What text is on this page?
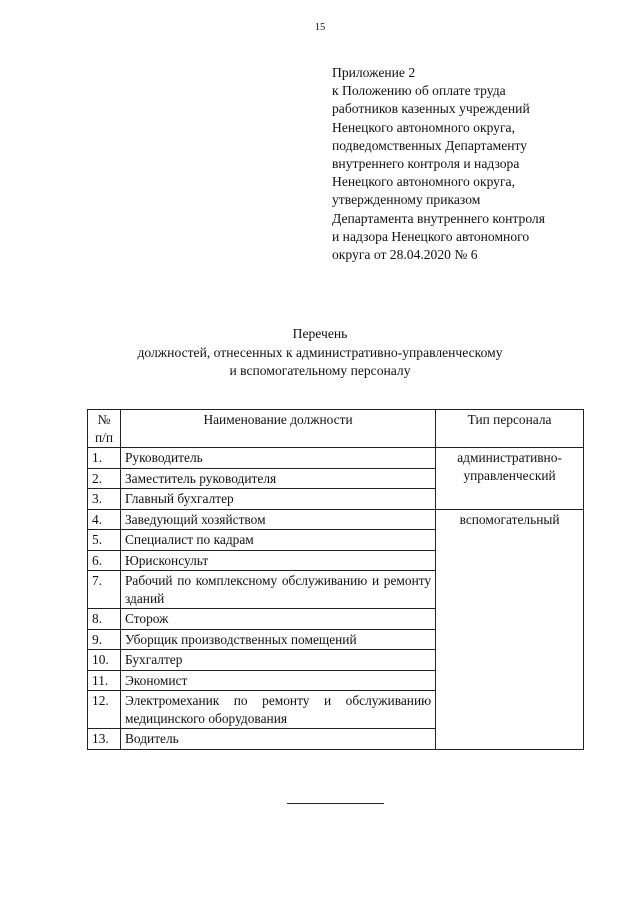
15
Приложение 2
к Положению об оплате труда
работников казенных учреждений
Ненецкого автономного округа,
подведомственных Департаменту
внутреннего контроля и надзора
Ненецкого автономного округа,
утвержденному приказом
Департамента внутреннего контроля
и надзора Ненецкого автономного
округа от 28.04.2020 № 6
Перечень
должностей, отнесенных к административно-управленческому
и вспомогательному персоналу
№
п/п	Наименование должности	Тип персонала
1.	Руководитель	административно-управленческий
2.	Заместитель руководителя	
3.	Главный бухгалтер	
4.	Заведующий хозяйством	вспомогательный
5.	Специалист по кадрам	
6.	Юрисконсульт	
7.	Рабочий по комплексному обслуживанию и ремонту зданий	
8.	Сторож	
9.	Уборщик производственных помещений	
10.	Бухгалтер	
11.	Экономист	
12.	Электромеханик по ремонту и обслуживанию медицинского оборудования	
13.	Водитель	
